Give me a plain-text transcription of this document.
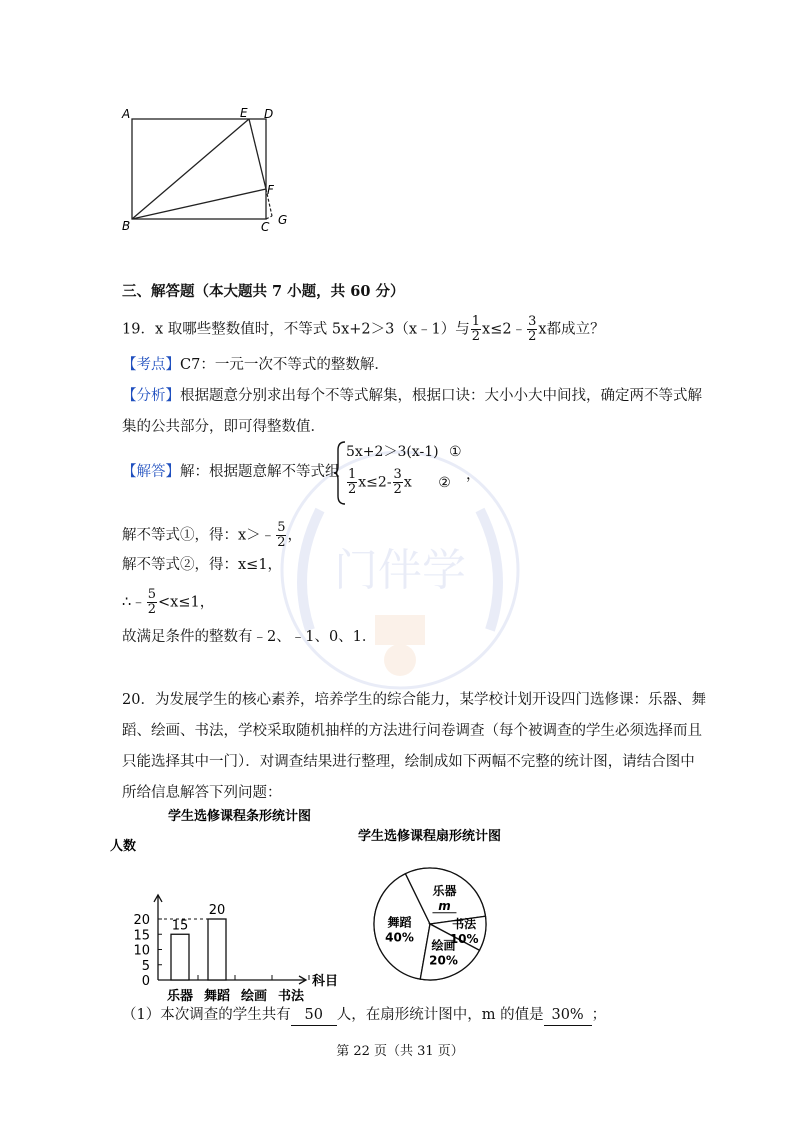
门伴学
A
B	C
D
E
F
G
三、解答题（本大题共 7 小题，共 60 分）
19．x 取哪些整数值时，不等式 5x+2＞3（x﹣1）与 $\frac{1}{2}$ x≤2﹣ $\frac{3}{2}$ x都成立？
【考点】C7：一元一次不等式的整数解．
【分析】根据题意分别求出每个不等式解集，根据口诀：大小小大中间找，确定两不等式解
集的公共部分，即可得整数值．
【解答】解：根据题意解不等式组
5x+2＞3(x-1) ①
$\frac{1}{2} x\le 2- \frac{3}{2}$ x ② ，
解不等式①，得：x＞﹣ $\frac{5}{2}$ ，
解不等式②，得：x≤1，
∴﹣ $\frac{5}{2} <x\le 1$，
故满足条件的整数有﹣2、﹣1、0、1．
20．为发展学生的核心素养，培养学生的综合能力，某学校计划开设四门选修课：乐器、舞
蹈、绘画、书法，学校采取随机抽样的方法进行问卷调查（每个被调查的学生必须选择而且
只能选择其中一门）．对调查结果进行整理，绘制成如下两幅不完整的统计图，请结合图中
所给信息解答下列问题：
学生选修课程条形统计图
人数
科目
0
5
10
15
20 15
乐器
20
舞蹈 绘画 书法
学生选修课程扇形统计图
舞蹈
40%
乐器
m
书法
10%
绘画
20%
（1）本次调查的学生共有 50 人，在扇形统计图中，m 的值是 30% ；
第 22 页（共 31 页）
